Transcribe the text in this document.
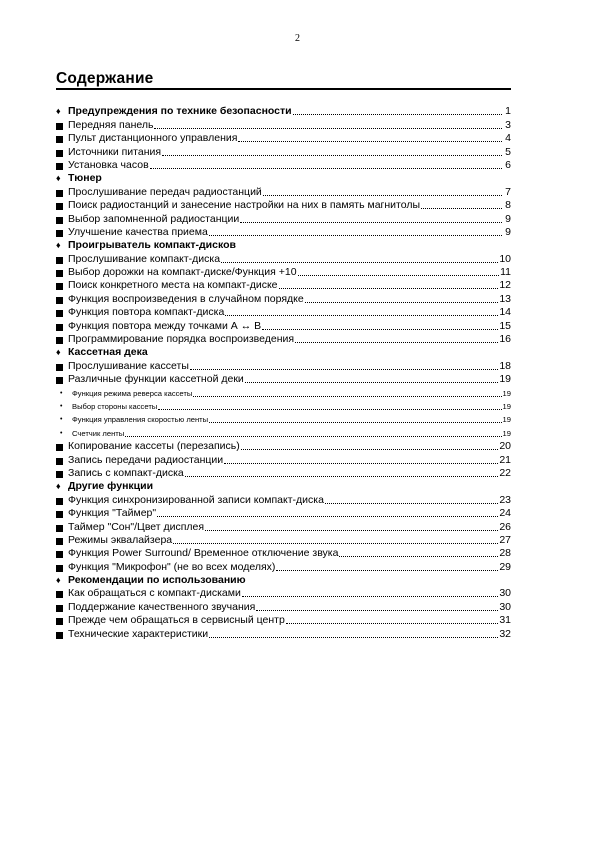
2
Содержание
♦ Предупреждения по технике безопасности	1
Передняя панель	3
Пульт дистанционного управления	4
Источники питания	5
Установка часов	6
♦ Тюнер
Прослушивание передач радиостанций	7
Поиск радиостанций и занесение настройки на них в память магнитолы	8
Выбор запомненной радиостанции	9
Улучшение качества приема	9
♦ Проигрыватель компакт-дисков
Прослушивание компакт-диска	10
Выбор дорожки на компакт-диске/Функция +10	11
Поиск конкретного места на компакт-диске	12
Функция воспроизведения в случайном порядке	13
Функция повтора компакт-диска	14
Функция повтора между точками А ↔ В	15
Программирование порядка воспроизведения	16
♦ Кассетная дека
Прослушивание кассеты	18
Различные функции кассетной деки	19
•	Функция режима реверса кассеты	19
•	Выбор стороны кассеты	19
•	Функция управления скоростью ленты	19
•	Счетчик ленты	19
Копирование кассеты (перезапись)	20
Запись передачи радиостанции	21
Запись с компакт-диска	22
♦ Другие функции
Функция синхронизированной записи компакт-диска	23
Функция "Таймер"	24
Таймер "Сон"/Цвет дисплея	26
Режимы эквалайзера	27
Функция Power Surround/ Временное отключение звука	28
Функция "Микрофон" (не во всех моделях)	29
♦ Рекомендации по использованию
Как обращаться с компакт-дисками	30
Поддержание качественного звучания	30
Прежде чем обращаться в сервисный центр	31
Технические характеристики	32
